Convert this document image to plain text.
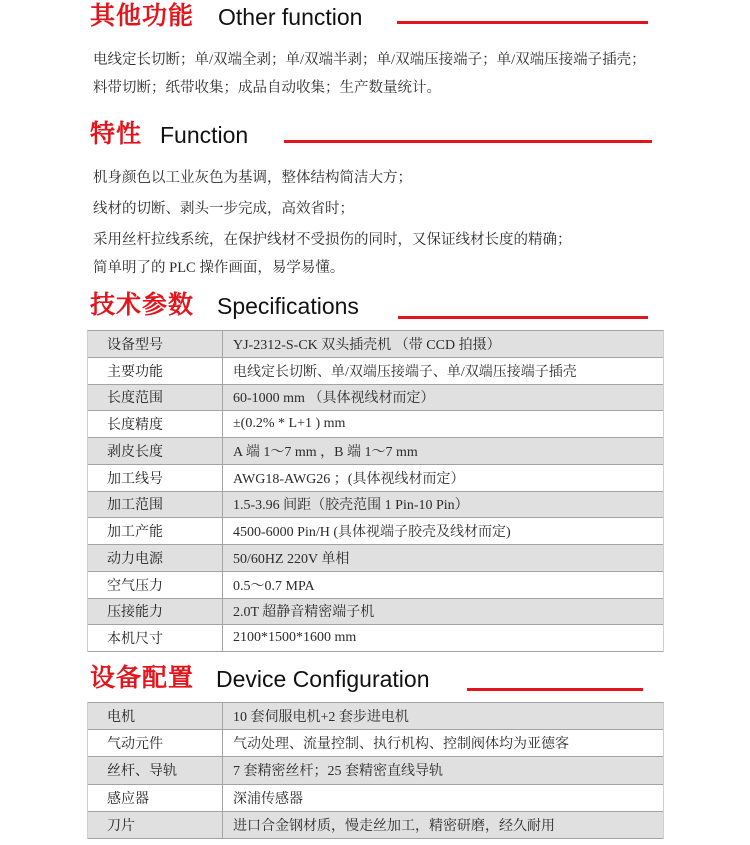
其他功能 Other function
电线定长切断；单/双端全剥；单/双端半剥；单/双端压接端子；单/双端压接端子插壳；
料带切断；纸带收集；成品自动收集；生产数量统计。
特性 Function
机身颜色以工业灰色为基调，整体结构简洁大方；
线材的切断、剥头一步完成，高效省时；
采用丝杆拉线系统，在保护线材不受损伤的同时，又保证线材长度的精确；
简单明了的 PLC 操作画面，易学易懂。
技术参数 Specifications
设备型号	YJ-2312-S-CK 双头插壳机 （带 CCD 拍摄）
主要功能	电线定长切断、单/双端压接端子、单/双端压接端子插壳
长度范围	60-1000 mm （具体视线材而定）
长度精度	±(0.2% * L+1 ) mm
剥皮长度	A 端 1～7 mm ，B 端 1～7 mm
加工线号	AWG18-AWG26 ；(具体视线材而定）
加工范围	1.5-3.96 间距（胶壳范围 1 Pin-10 Pin）
加工产能	4500-6000 Pin/H (具体视端子胶壳及线材而定)
动力电源	50/60HZ 220V 单相
空气压力	0.5～0.7 MPA
压接能力	2.0T 超静音精密端子机
本机尺寸	2100*1500*1600 mm
设备配置 Device Configuration
电机	10 套伺服电机+2 套步进电机
气动元件	气动处理、流量控制、执行机构、控制阀体均为亚德客
丝杆、导轨	7 套精密丝杆；25 套精密直线导轨
感应器	深浦传感器
刀片	进口合金钢材质，慢走丝加工，精密研磨，经久耐用
